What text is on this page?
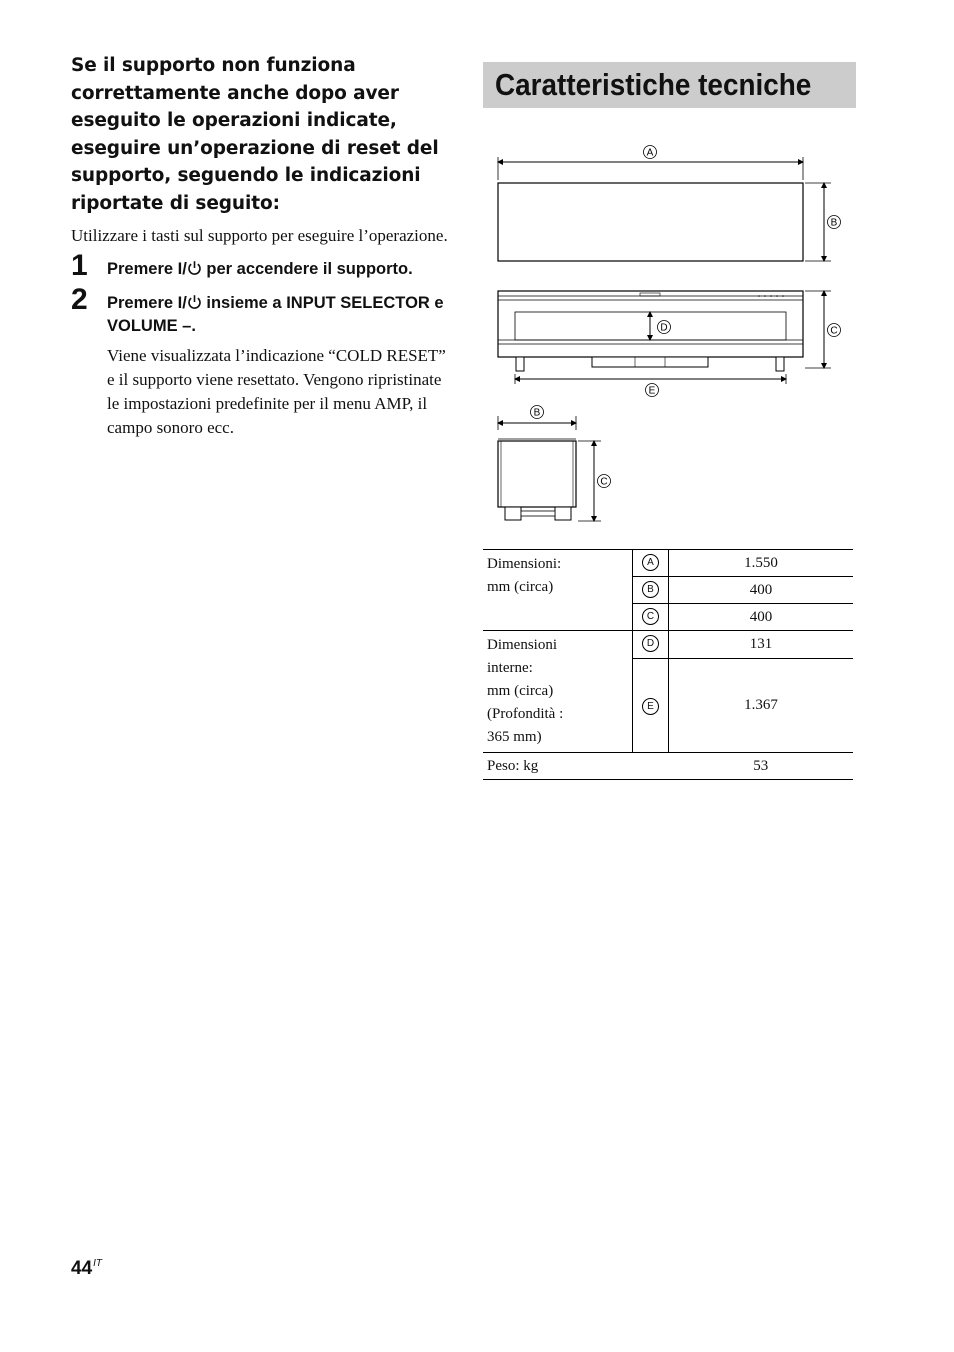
Se il supporto non funziona correttamente anche dopo aver eseguito le operazioni indicate, eseguire un’operazione di reset del supporto, seguendo le indicazioni riportate di seguito:

Utilizzare i tasti sul supporto per eseguire l’operazione.

1 Premere I/ per accendere il supporto.
2 Premere I/ insieme a INPUT SELECTOR e VOLUME –.
Viene visualizzata l’indicazione “COLD RESET” e il supporto viene resettato. Vengono ripristinate le impostazioni predefinite per il menu AMP, il campo sonoro ecc.
Caratteristiche tecniche
A
B
D	C
E
B
C
Dimensioni:
mm (circa)	A	1.550
	B	400
	C	400

Dimensioni
interne:
mm (circa)
(Profondità :
365 mm)	D	131
	E	1.367
Peso: kg		53
$44^{IT}$
